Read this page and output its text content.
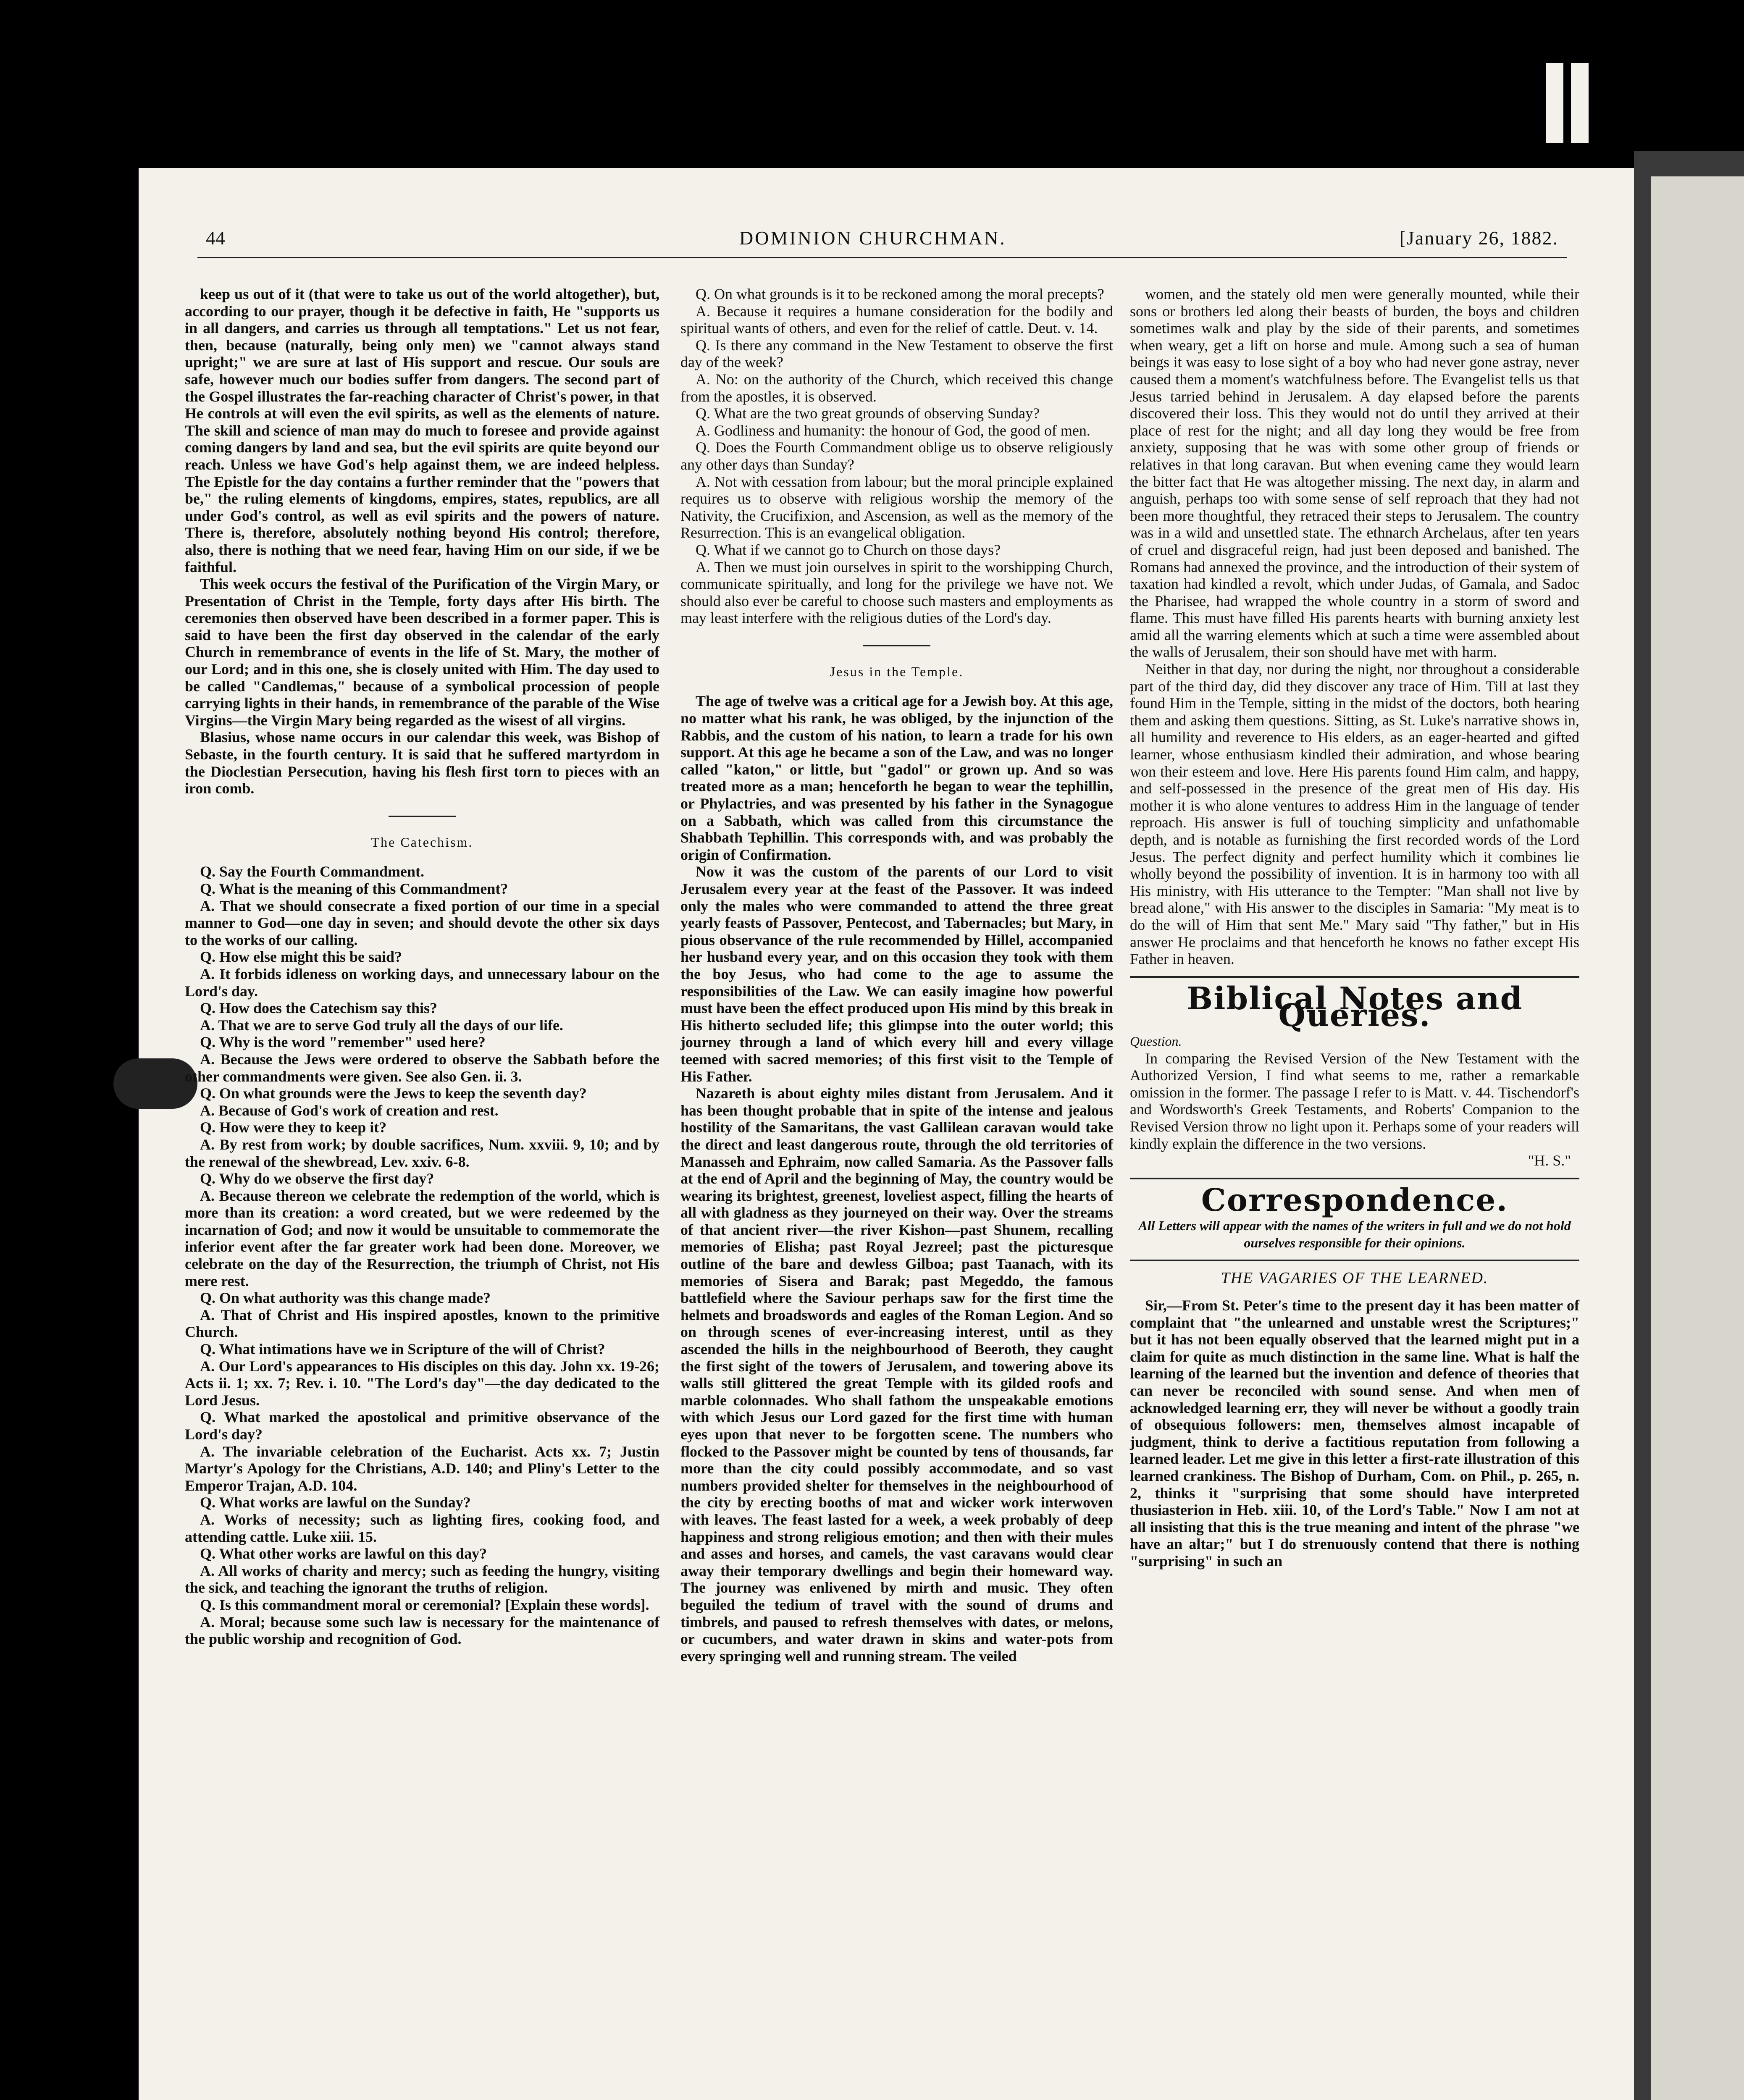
44	DOMINION CHURCHMAN.	[January 26, 1882.

keep us out of it (that were to take us out of the world altogether), but, according to our prayer, though it be defective in faith, He "supports us in all dangers, and carries us through all temptations." Let us not fear, then, because (naturally, being only men) we "cannot always stand upright;" we are sure at last of His support and rescue. Our souls are safe, however much our bodies suffer from dangers. The second part of the Gospel illustrates the far-reaching character of Christ's power, in that He controls at will even the evil spirits, as well as the elements of nature. The skill and science of man may do much to foresee and provide against coming dangers by land and sea, but the evil spirits are quite beyond our reach. Unless we have God's help against them, we are indeed helpless. The Epistle for the day contains a further reminder that the "powers that be," the ruling elements of kingdoms, empires, states, republics, are all under God's control, as well as evil spirits and the powers of nature. There is, therefore, absolutely nothing beyond His control; therefore, also, there is nothing that we need fear, having Him on our side, if we be faithful.

This week occurs the festival of the Purification of the Virgin Mary, or Presentation of Christ in the Temple, forty days after His birth. The ceremonies then observed have been described in a former paper. This is said to have been the first day observed in the calendar of the early Church in remembrance of events in the life of St. Mary, the mother of our Lord; and in this one, she is closely united with Him. The day used to be called "Candlemas," because of a symbolical procession of people carrying lights in their hands, in remembrance of the parable of the Wise Virgins—the Virgin Mary being regarded as the wisest of all virgins.

Blasius, whose name occurs in our calendar this week, was Bishop of Sebaste, in the fourth century. It is said that he suffered martyrdom in the Dioclestian Persecution, having his flesh first torn to pieces with an iron comb.

The Catechism.

Q. Say the Fourth Commandment.

Q. What is the meaning of this Commandment?

A. That we should consecrate a fixed portion of our time in a special manner to God—one day in seven; and should devote the other six days to the works of our calling.

Q. How else might this be said?

A. It forbids idleness on working days, and unnecessary labour on the Lord's day.

Q. How does the Catechism say this?

A. That we are to serve God truly all the days of our life.

Q. Why is the word "remember" used here?

A. Because the Jews were ordered to observe the Sabbath before the other commandments were given. See also Gen. ii. 3.

Q. On what grounds were the Jews to keep the seventh day?

A. Because of God's work of creation and rest.

Q. How were they to keep it?

A. By rest from work; by double sacrifices, Num. xxviii. 9, 10; and by the renewal of the shewbread, Lev. xxiv. 6-8.

Q. Why do we observe the first day?

A. Because thereon we celebrate the redemption of the world, which is more than its creation: a word created, but we were redeemed by the incarnation of God; and now it would be unsuitable to commemorate the inferior event after the far greater work had been done. Moreover, we celebrate on the day of the Resurrection, the triumph of Christ, not His mere rest.

Q. On what authority was this change made?

A. That of Christ and His inspired apostles, known to the primitive Church.

Q. What intimations have we in Scripture of the will of Christ?

A. Our Lord's appearances to His disciples on this day. John xx. 19-26; Acts ii. 1; xx. 7; Rev. i. 10. "The Lord's day"—the day dedicated to the Lord Jesus.

Q. What marked the apostolical and primitive observance of the Lord's day?

A. The invariable celebration of the Eucharist. Acts xx. 7; Justin Martyr's Apology for the Christians, A.D. 140; and Pliny's Letter to the Emperor Trajan, A.D. 104.

Q. What works are lawful on the Sunday?

A. Works of necessity; such as lighting fires, cooking food, and attending cattle. Luke xiii. 15.

Q. What other works are lawful on this day?

A. All works of charity and mercy; such as feeding the hungry, visiting the sick, and teaching the ignorant the truths of religion.

Q. Is this commandment moral or ceremonial? [Explain these words].

A. Moral; because some such law is necessary for the maintenance of the public worship and recognition of God.

Q. On what grounds is it to be reckoned among the moral precepts?

A. Because it requires a humane consideration for the bodily and spiritual wants of others, and even for the relief of cattle. Deut. v. 14.

Q. Is there any command in the New Testament to observe the first day of the week?

A. No: on the authority of the Church, which received this change from the apostles, it is observed.

Q. What are the two great grounds of observing Sunday?

A. Godliness and humanity: the honour of God, the good of men.

Q. Does the Fourth Commandment oblige us to observe religiously any other days than Sunday?

A. Not with cessation from labour; but the moral principle explained requires us to observe with religious worship the memory of the Nativity, the Crucifixion, and Ascension, as well as the memory of the Resurrection. This is an evangelical obligation.

Q. What if we cannot go to Church on those days?

A. Then we must join ourselves in spirit to the worshipping Church, communicate spiritually, and long for the privilege we have not. We should also ever be careful to choose such masters and employments as may least interfere with the religious duties of the Lord's day.

Jesus in the Temple.

The age of twelve was a critical age for a Jewish boy. At this age, no matter what his rank, he was obliged, by the injunction of the Rabbis, and the custom of his nation, to learn a trade for his own support. At this age he became a son of the Law, and was no longer called "katon," or little, but "gadol" or grown up. And so was treated more as a man; henceforth he began to wear the tephillin, or Phylactries, and was presented by his father in the Synagogue on a Sabbath, which was called from this circumstance the Shabbath Tephillin. This corresponds with, and was probably the origin of Confirmation.

Now it was the custom of the parents of our Lord to visit Jerusalem every year at the feast of the Passover. It was indeed only the males who were commanded to attend the three great yearly feasts of Passover, Pentecost, and Tabernacles; but Mary, in pious observance of the rule recommended by Hillel, accompanied her husband every year, and on this occasion they took with them the boy Jesus, who had come to the age to assume the responsibilities of the Law. We can easily imagine how powerful must have been the effect produced upon His mind by this break in His hitherto secluded life; this glimpse into the outer world; this journey through a land of which every hill and every village teemed with sacred memories; of this first visit to the Temple of His Father.

Nazareth is about eighty miles distant from Jerusalem. And it has been thought probable that in spite of the intense and jealous hostility of the Samaritans, the vast Gallilean caravan would take the direct and least dangerous route, through the old territories of Manasseh and Ephraim, now called Samaria. As the Passover falls at the end of April and the beginning of May, the country would be wearing its brightest, greenest, loveliest aspect, filling the hearts of all with gladness as they journeyed on their way. Over the streams of that ancient river—the river Kishon—past Shunem, recalling memories of Elisha; past Royal Jezreel; past the picturesque outline of the bare and dewless Gilboa; past Taanach, with its memories of Sisera and Barak; past Megeddo, the famous battlefield where the Saviour perhaps saw for the first time the helmets and broadswords and eagles of the Roman Legion. And so on through scenes of ever-increasing interest, until as they ascended the hills in the neighbourhood of Beeroth, they caught the first sight of the towers of Jerusalem, and towering above its walls still glittered the great Temple with its gilded roofs and marble colonnades. Who shall fathom the unspeakable emotions with which Jesus our Lord gazed for the first time with human eyes upon that never to be forgotten scene. The numbers who flocked to the Passover might be counted by tens of thousands, far more than the city could possibly accommodate, and so vast numbers provided shelter for themselves in the neighbourhood of the city by erecting booths of mat and wicker work interwoven with leaves. The feast lasted for a week, a week probably of deep happiness and strong religious emotion; and then with their mules and asses and horses, and camels, the vast caravans would clear away their temporary dwellings and begin their homeward way. The journey was enlivened by mirth and music. They often beguiled the tedium of travel with the sound of drums and timbrels, and paused to refresh themselves with dates, or melons, or cucumbers, and water drawn in skins and water-pots from every springing well and running stream. The veiled

women, and the stately old men were generally mounted, while their sons or brothers led along their beasts of burden, the boys and children sometimes walk and play by the side of their parents, and sometimes when weary, get a lift on horse and mule. Among such a sea of human beings it was easy to lose sight of a boy who had never gone astray, never caused them a moment's watchfulness before. The Evangelist tells us that Jesus tarried behind in Jerusalem. A day elapsed before the parents discovered their loss. This they would not do until they arrived at their place of rest for the night; and all day long they would be free from anxiety, supposing that he was with some other group of friends or relatives in that long caravan. But when evening came they would learn the bitter fact that He was altogether missing. The next day, in alarm and anguish, perhaps too with some sense of self reproach that they had not been more thoughtful, they retraced their steps to Jerusalem. The country was in a wild and unsettled state. The ethnarch Archelaus, after ten years of cruel and disgraceful reign, had just been deposed and banished. The Romans had annexed the province, and the introduction of their system of taxation had kindled a revolt, which under Judas, of Gamala, and Sadoc the Pharisee, had wrapped the whole country in a storm of sword and flame. This must have filled His parents hearts with burning anxiety lest amid all the warring elements which at such a time were assembled about the walls of Jerusalem, their son should have met with harm.

Neither in that day, nor during the night, nor throughout a considerable part of the third day, did they discover any trace of Him. Till at last they found Him in the Temple, sitting in the midst of the doctors, both hearing them and asking them questions. Sitting, as St. Luke's narrative shows in, all humility and reverence to His elders, as an eager-hearted and gifted learner, whose enthusiasm kindled their admiration, and whose bearing won their esteem and love. Here His parents found Him calm, and happy, and self-possessed in the presence of the great men of His day. His mother it is who alone ventures to address Him in the language of tender reproach. His answer is full of touching simplicity and unfathomable depth, and is notable as furnishing the first recorded words of the Lord Jesus. The perfect dignity and perfect humility which it combines lie wholly beyond the possibility of invention. It is in harmony too with all His ministry, with His utterance to the Tempter: "Man shall not live by bread alone," with His answer to the disciples in Samaria: "My meat is to do the will of Him that sent Me." Mary said "Thy father," but in His answer He proclaims and that henceforth he knows no father except His Father in heaven.

Biblical Notes and Queries.
Question.

In comparing the Revised Version of the New Testament with the Authorized Version, I find what seems to me, rather a remarkable omission in the former. The passage I refer to is Matt. v. 44. Tischendorf's and Wordsworth's Greek Testaments, and Roberts' Companion to the Revised Version throw no light upon it. Perhaps some of your readers will kindly explain the difference in the two versions.

"H. S."
Correspondence.
All Letters will appear with the names of the writers in full and we do not hold ourselves responsible for their opinions.
THE VAGARIES OF THE LEARNED.

Sir,—From St. Peter's time to the present day it has been matter of complaint that "the unlearned and unstable wrest the Scriptures;" but it has not been equally observed that the learned might put in a claim for quite as much distinction in the same line. What is half the learning of the learned but the invention and defence of theories that can never be reconciled with sound sense. And when men of acknowledged learning err, they will never be without a goodly train of obsequious followers: men, themselves almost incapable of judgment, think to derive a factitious reputation from following a learned leader. Let me give in this letter a first-rate illustration of this learned crankiness. The Bishop of Durham, Com. on Phil., p. 265, n. 2, thinks it "surprising that some should have interpreted thusiasterion in Heb. xiii. 10, of the Lord's Table." Now I am not at all insisting that this is the true meaning and intent of the phrase "we have an altar;" but I do strenuously contend that there is nothing "surprising" in such an
